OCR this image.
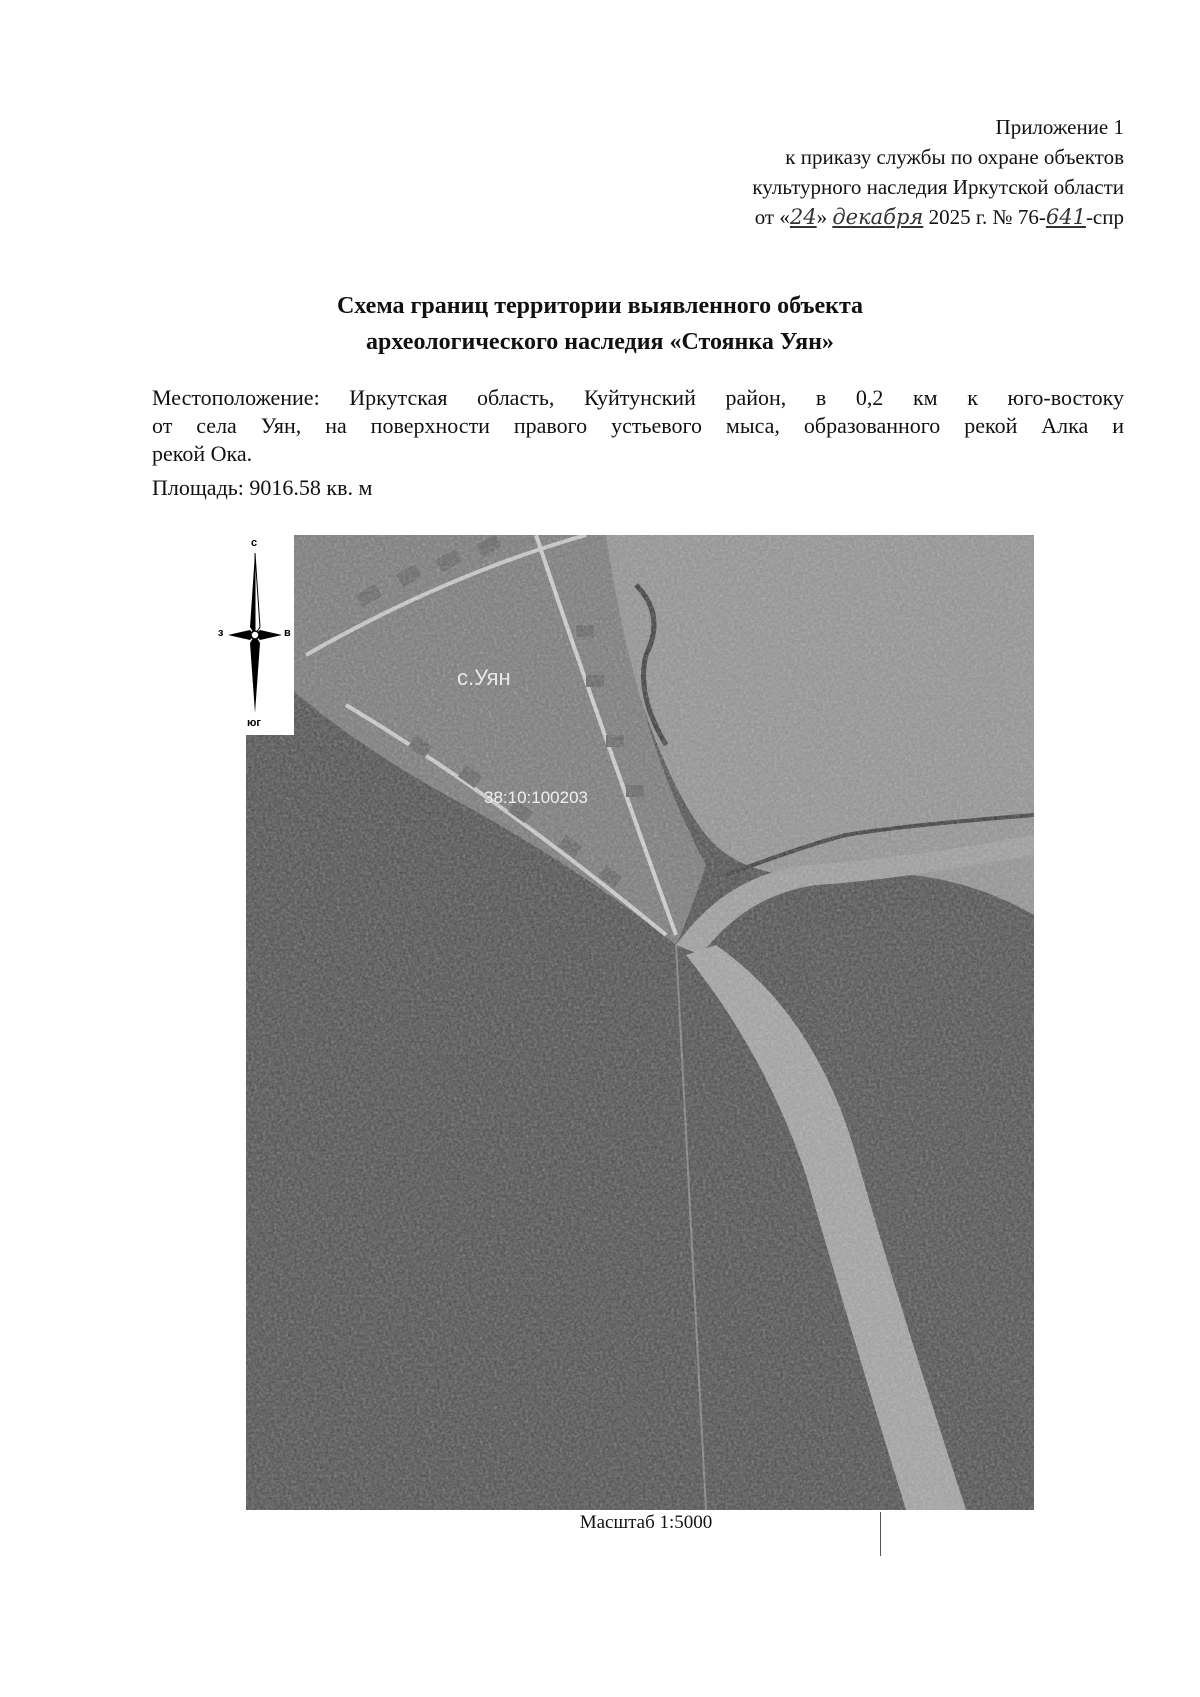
Приложение 1
к приказу службы по охране объектов
культурного наследия Иркутской области
от «24» декабря 2025 г. № 76-641-спр
Схема границ территории выявленного объекта
археологического наследия «Стоянка Уян»
Местоположение: Иркутская область, Куйтунский район, в 0,2 км к юго-востоку
от села Уян, на поверхности правого устьевого мыса, образованного рекой Алка и
рекой Ока.
Площадь: 9016.58 кв. м
с.Уян
38:10:100203
с
юг
з	в
Масштаб 1:5000
